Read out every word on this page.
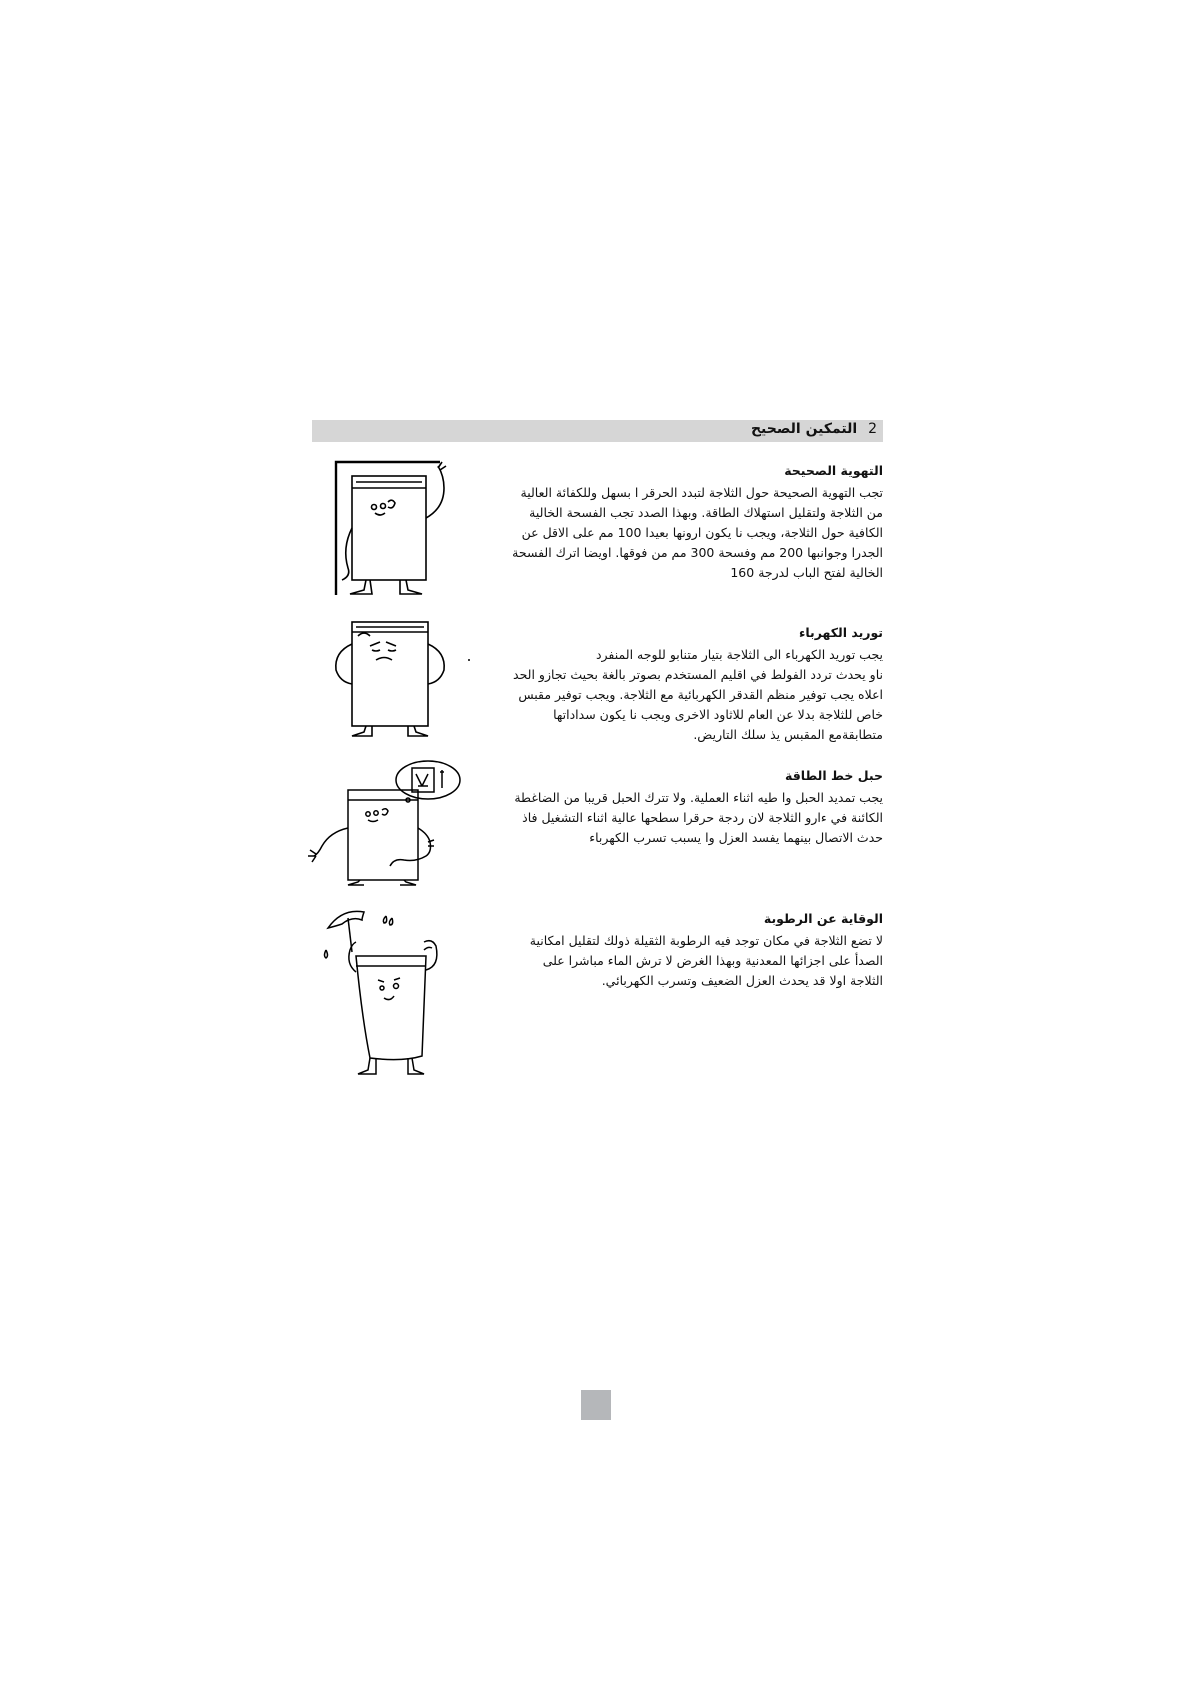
2 التمكين الصحيح
التهوية الصحيحة
تجب التهوية الصحيحة حول الثلاجة لتبدد الحرقر ا بسهل وللكفائة العالية
من الثلاجة ولتقليل استهلاك الطاقة. وبهذا الصدد تجب الفسحة الخالية
الكافية حول الثلاجة، ويجب نا يكون ارونها بعيدا 100 مم على الاقل عن
الجدرا وجوانبها 200 مم وفسحة 300 مم من فوقها. اويضا اترك الفسحة
الخالية لفتح الباب لدرجة 160
توريد الكهرباء
يجب توريد الكهرباء الى الثلاجة بتيار متنابو للوجه المنفرد
ناو يحدث تردد الفولط في اقليم المستخدم بصوتر بالغة بحيث تجازو الحد
اعلاه يجب توفير منظم القدقر الكهربائية مع الثلاجة. ويجب توفير مقبس
خاص للثلاجة بدلا عن العام للاثاود الاخرى ويجب نا يكون سداداتها
متطابقةمع المقبس يذ سلك التاريض.
حبل خط الطاقة
يجب تمديد الحبل وا طيه اثناء العملية. ولا تترك الحبل قريبا من الضاغطة
الكائنة في ءارو الثلاجة لان ردجة حرقرا سطحها عالية اثناء التشغيل فاذ
حدث الاتصال بينهما يفسد العزل وا يسبب تسرب الكهرباء
الوقاية عن الرطوبة
لا تضع الثلاجة في مكان توجد فيه الرطوبة الثقيلة ذولك لتقليل امكانية
الصدأ على اجزائها المعدنية وبهذا الغرض لا ترش الماء مباشرا على
الثلاجة اولا قد يحدث العزل الضعيف وتسرب الكهربائي.
